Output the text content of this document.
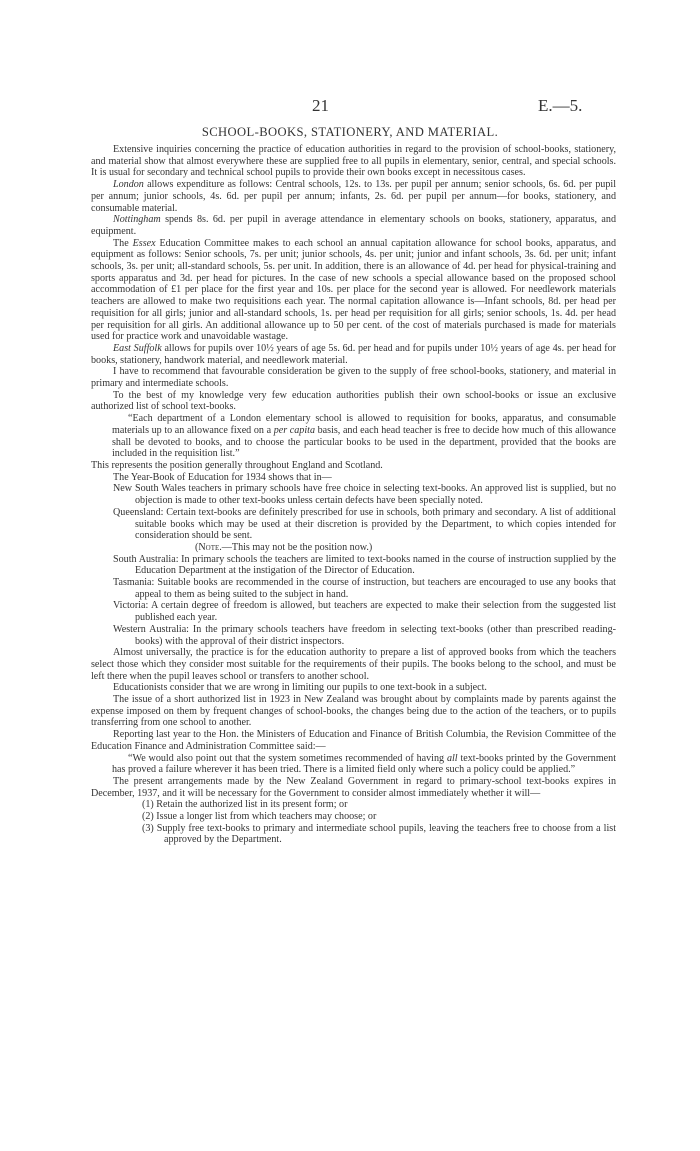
21	E.—5.
SCHOOL-BOOKS, STATIONERY, AND MATERIAL.

Extensive inquiries concerning the practice of education authorities in regard to the provision of school-books, stationery, and material show that almost everywhere these are supplied free to all pupils in elementary, senior, central, and special schools. It is usual for secondary and technical school pupils to provide their own books except in necessitous cases.

London allows expenditure as follows: Central schools, 12s. to 13s. per pupil per annum; senior schools, 6s. 6d. per pupil per annum; junior schools, 4s. 6d. per pupil per annum; infants, 2s. 6d. per pupil per annum—for books, stationery, and consumable material.

Nottingham spends 8s. 6d. per pupil in average attendance in elementary schools on books, stationery, apparatus, and equipment.

The Essex Education Committee makes to each school an annual capitation allowance for school books, apparatus, and equipment as follows: Senior schools, 7s. per unit; junior schools, 4s. per unit; junior and infant schools, 3s. 6d. per unit; infant schools, 3s. per unit; all-standard schools, 5s. per unit. In addition, there is an allowance of 4d. per head for physical-training and sports apparatus and 3d. per head for pictures. In the case of new schools a special allowance based on the proposed school accommodation of £1 per place for the first year and 10s. per place for the second year is allowed. For needlework materials teachers are allowed to make two requisitions each year. The normal capitation allowance is—Infant schools, 8d. per head per requisition for all girls; junior and all-standard schools, 1s. per head per requisition for all girls; senior schools, 1s. 4d. per head per requisition for all girls. An additional allowance up to 50 per cent. of the cost of materials purchased is made for materials used for practice work and unavoidable wastage.

East Suffolk allows for pupils over 10½ years of age 5s. 6d. per head and for pupils under 10½ years of age 4s. per head for books, stationery, handwork material, and needlework material.

I have to recommend that favourable consideration be given to the supply of free school-books, stationery, and material in primary and intermediate schools.

To the best of my knowledge very few education authorities publish their own school-books or issue an exclusive authorized list of school text-books.

“Each department of a London elementary school is allowed to requisition for books, apparatus, and consumable materials up to an allowance fixed on a per capita basis, and each head teacher is free to decide how much of this allowance shall be devoted to books, and to choose the particular books to be used in the department, provided that the books are included in the requisition list.”

This represents the position generally throughout England and Scotland.

The Year-Book of Education for 1934 shows that in—

New South Wales teachers in primary schools have free choice in selecting text-books. An approved list is supplied, but no objection is made to other text-books unless certain defects have been specially noted.

Queensland: Certain text-books are definitely prescribed for use in schools, both primary and secondary. A list of additional suitable books which may be used at their discretion is provided by the Department, to which copies intended for consideration should be sent.

(Note.—This may not be the position now.)

South Australia: In primary schools the teachers are limited to text-books named in the course of instruction supplied by the Education Department at the instigation of the Director of Education.

Tasmania: Suitable books are recommended in the course of instruction, but teachers are encouraged to use any books that appeal to them as being suited to the subject in hand.

Victoria: A certain degree of freedom is allowed, but teachers are expected to make their selection from the suggested list published each year.

Western Australia: In the primary schools teachers have freedom in selecting text-books (other than prescribed reading-books) with the approval of their district inspectors.

Almost universally, the practice is for the education authority to prepare a list of approved books from which the teachers select those which they consider most suitable for the requirements of their pupils. The books belong to the school, and must be left there when the pupil leaves school or transfers to another school.

Educationists consider that we are wrong in limiting our pupils to one text-book in a subject.

The issue of a short authorized list in 1923 in New Zealand was brought about by complaints made by parents against the expense imposed on them by frequent changes of school-books, the changes being due to the action of the teachers, or to pupils transferring from one school to another.

Reporting last year to the Hon. the Ministers of Education and Finance of British Columbia, the Revision Committee of the Education Finance and Administration Committee said:—

“We would also point out that the system sometimes recommended of having all text-books printed by the Government has proved a failure wherever it has been tried. There is a limited field only where such a policy could be applied.”

The present arrangements made by the New Zealand Government in regard to primary-school text-books expires in December, 1937, and it will be necessary for the Government to consider almost immediately whether it will—

(1) Retain the authorized list in its present form; or

(2) Issue a longer list from which teachers may choose; or

(3) Supply free text-books to primary and intermediate school pupils, leaving the teachers free to choose from a list approved by the Department.
